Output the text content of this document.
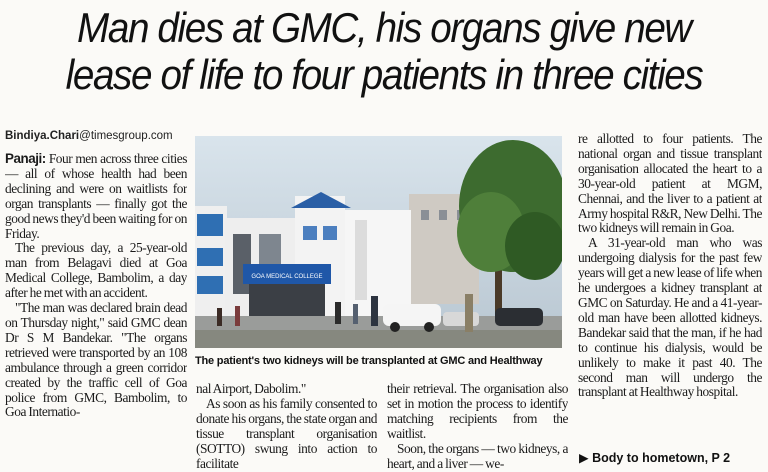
Man dies at GMC, his organs give new lease of life to four patients in three cities

Bindiya.Chari@timesgroup.com

Panaji: Four men across three cities — all of whose health had been declining and were on waitlists for organ transplants — finally got the good news they'd been waiting for on Friday.

The previous day, a 25-year-old man from Belagavi died at Goa Medical College, Bambolim, a day after he met with an accident.

"The man was declared brain dead on Thursday night," said GMC dean Dr S M Bandekar. "The organs retrieved were transported by an 108 ambulance through a green corridor created by the traffic cell of Goa police from GMC, Bambolim, to Goa Internatio-

GOA MEDICAL COLLEGE

The patient's two kidneys will be transplanted at GMC and Healthway

nal Airport, Dabolim."

As soon as his family consented to donate his organs, the state organ and tissue transplant organisation (SOTTO) swung into action to facilitate

their retrieval. The organisation also set in motion the process to identify matching recipients from the waitlist.

Soon, the organs — two kidneys, a heart, and a liver — we-

re allotted to four patients. The national organ and tissue transplant organisation allocated the heart to a 30-year-old patient at MGM, Chennai, and the liver to a patient at Army hospital R&R, New Delhi. The two kidneys will remain in Goa.

A 31-year-old man who was undergoing dialysis for the past few years will get a new lease of life when he undergoes a kidney transplant at GMC on Saturday. He and a 41-year-old man have been allotted kidneys. Bandekar said that the man, if he had to continue his dialysis, would be unlikely to make it past 40. The second man will undergo the transplant at Healthway hospital.

▶ Body to hometown, P 2
